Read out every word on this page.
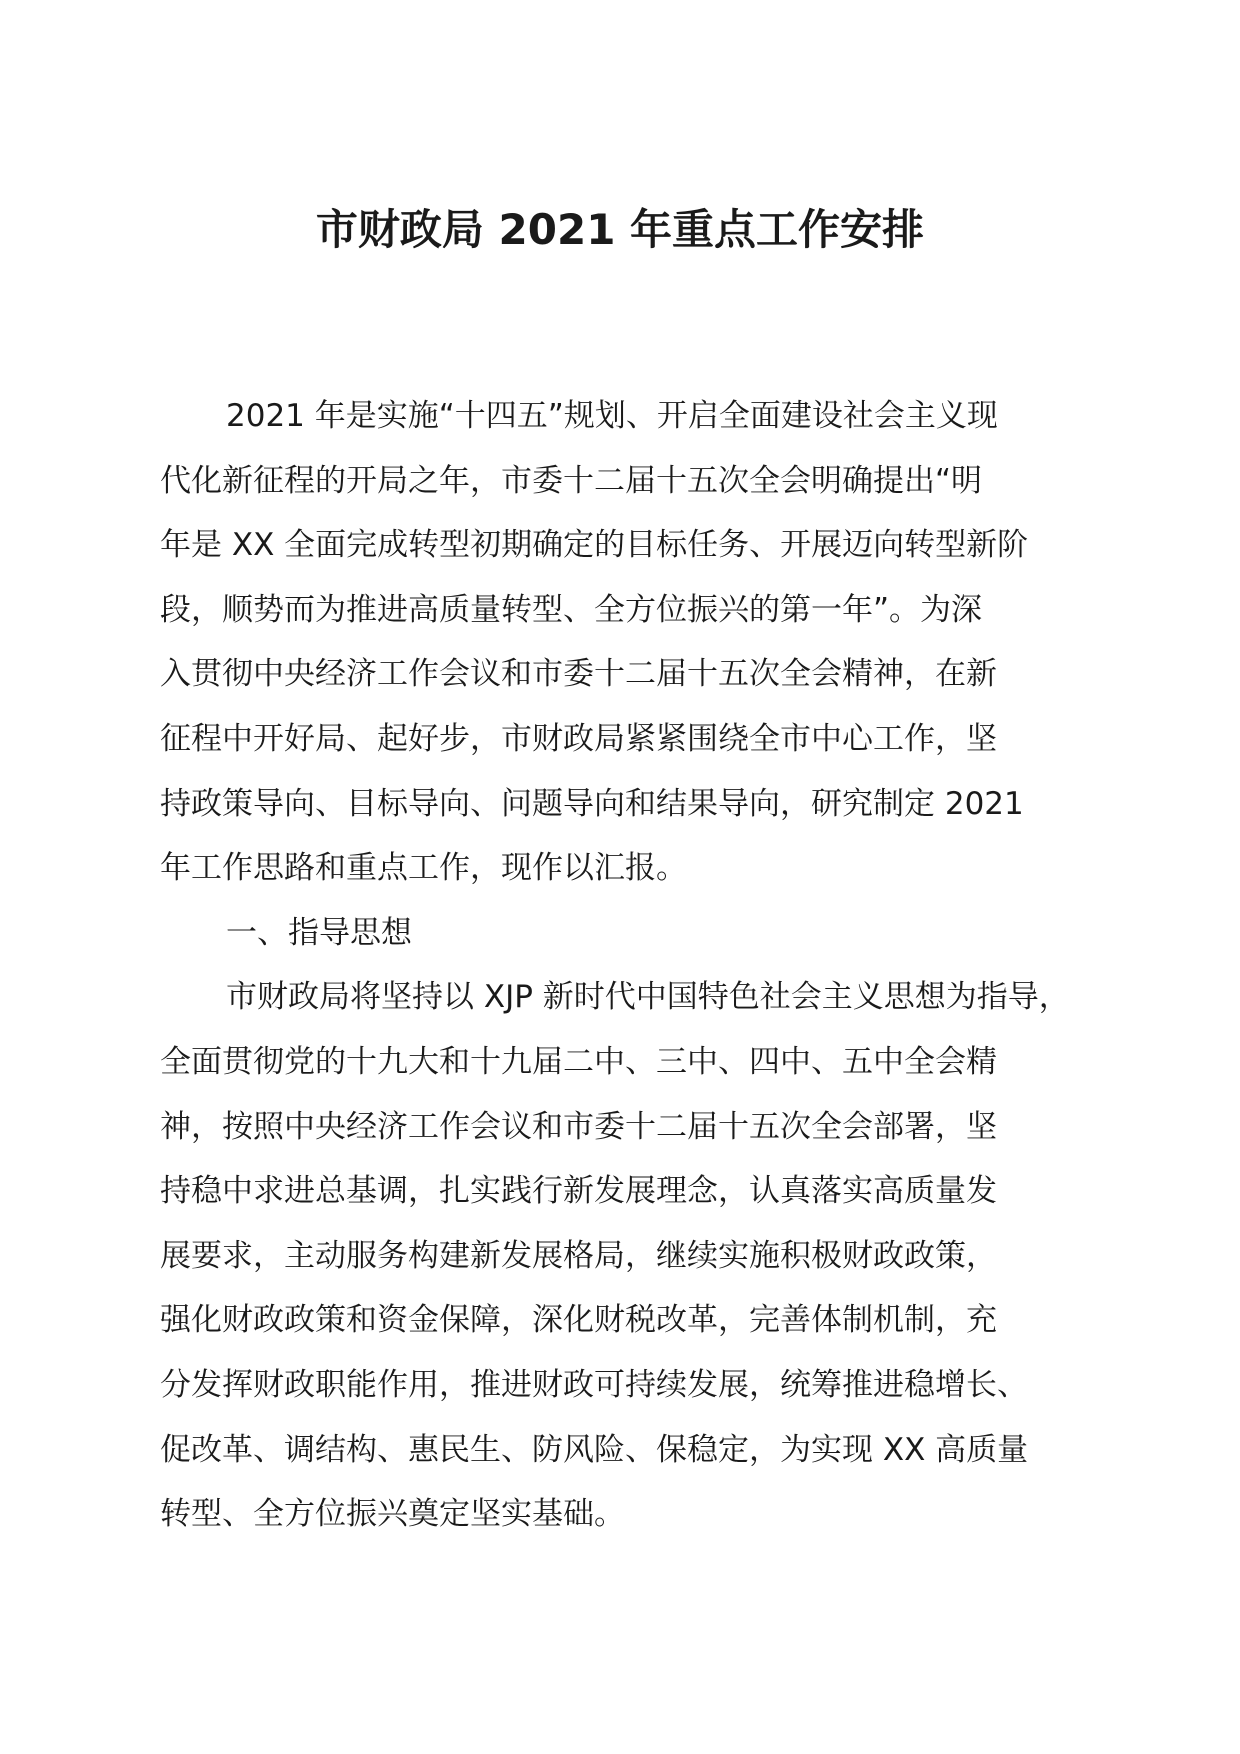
市财政局 2021 年重点工作安排
2021 年是实施“十四五”规划、开启全面建设社会主义现
代化新征程的开局之年，市委十二届十五次全会明确提出“明
年是 XX 全面完成转型初期确定的目标任务、开展迈向转型新阶
段，顺势而为推进高质量转型、全方位振兴的第一年”。为深
入贯彻中央经济工作会议和市委十二届十五次全会精神，在新
征程中开好局、起好步，市财政局紧紧围绕全市中心工作，坚
持政策导向、目标导向、问题导向和结果导向，研究制定 2021
年工作思路和重点工作，现作以汇报。
一、指导思想
市财政局将坚持以 XJP 新时代中国特色社会主义思想为指导，
全面贯彻党的十九大和十九届二中、三中、四中、五中全会精
神，按照中央经济工作会议和市委十二届十五次全会部署，坚
持稳中求进总基调，扎实践行新发展理念，认真落实高质量发
展要求，主动服务构建新发展格局，继续实施积极财政政策，
强化财政政策和资金保障，深化财税改革，完善体制机制，充
分发挥财政职能作用，推进财政可持续发展，统筹推进稳增长、
促改革、调结构、惠民生、防风险、保稳定，为实现 XX 高质量
转型、全方位振兴奠定坚实基础。
